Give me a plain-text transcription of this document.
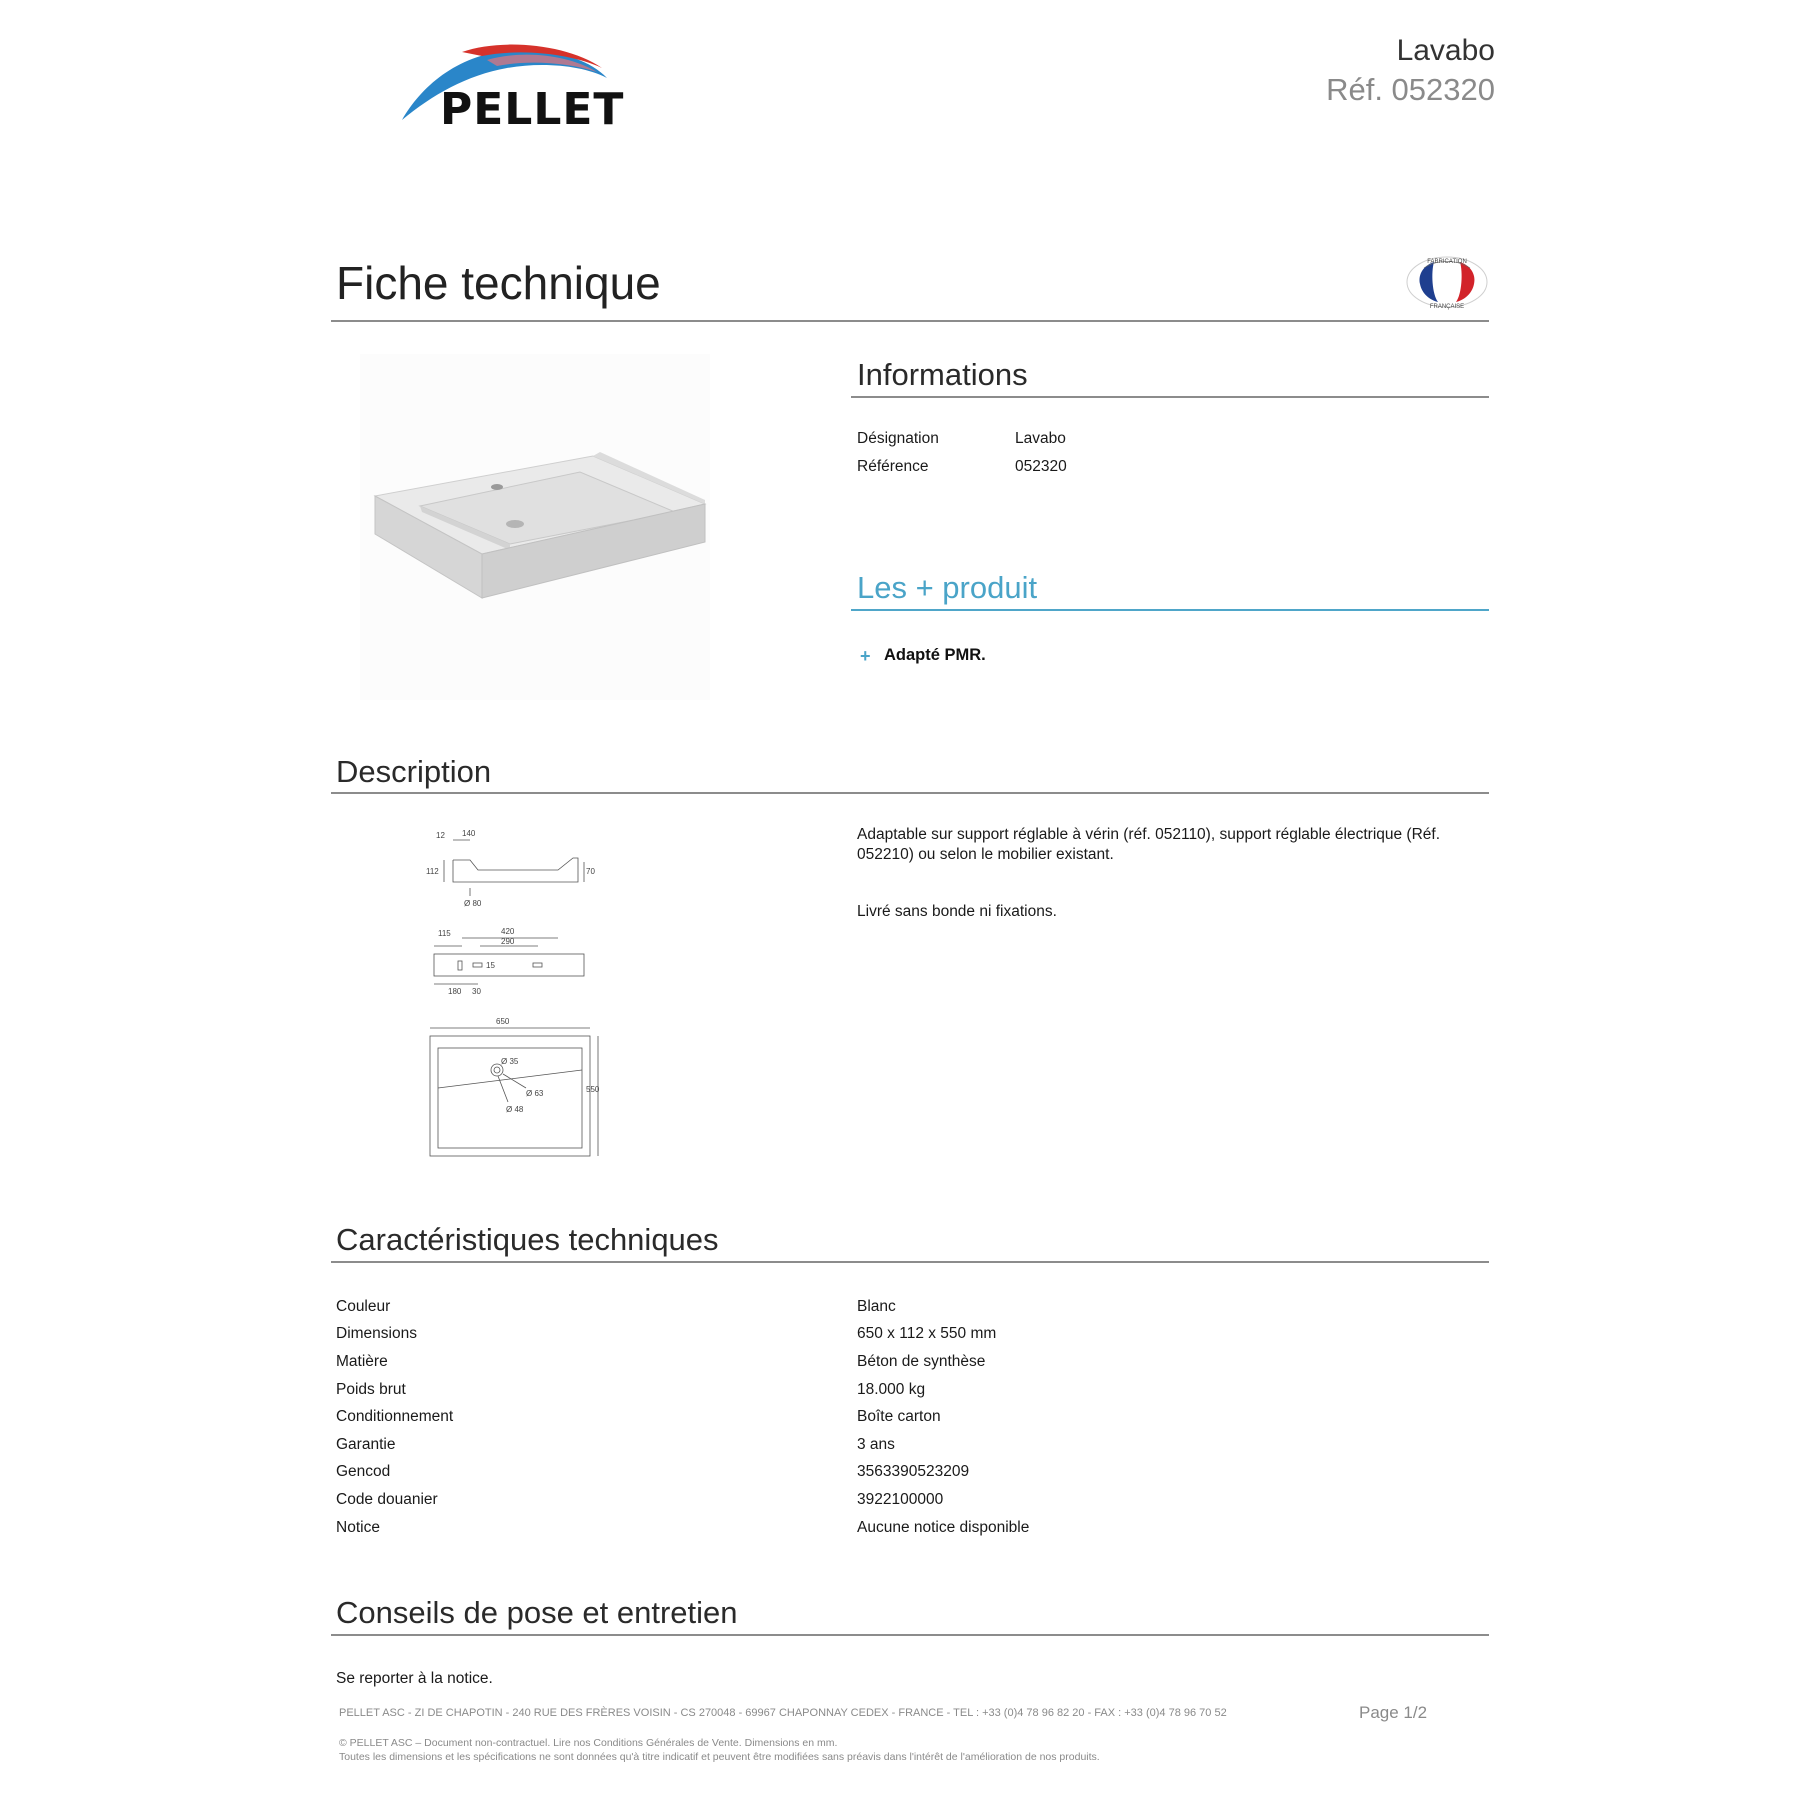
PELLET
Lavabo
Réf. 052320
Fiche technique	FABRICATION
FRANÇAISE
Informations
Désignation	Lavabo
Référence	052320
Les + produit
+ Adapté PMR.
Description
Adaptable sur support réglable à vérin (réf. 052110), support réglable électrique (Réf.
052210) ou selon le mobilier existant.
Livré sans bonde ni fixations.
12 140
112	70
Ø 80
115	420
290
15
180 30
650
550
Ø 35
Ø 63
Ø 48
Caractéristiques techniques
Couleur	Blanc
Dimensions	650 x 112 x 550 mm
Matière	Béton de synthèse
Poids brut	18.000 kg
Conditionnement	Boîte carton
Garantie	3 ans
Gencod	3563390523209
Code douanier	3922100000
Notice	Aucune notice disponible
Conseils de pose et entretien
Se reporter à la notice.
PELLET ASC - ZI DE CHAPOTIN - 240 RUE DES FRÈRES VOISIN - CS 270048 - 69967 CHAPONNAY CEDEX - FRANCE - TEL : +33 (0)4 78 96 82 20 - FAX : +33 (0)4 78 96 70 52	Page 1/2
© PELLET ASC – Document non-contractuel. Lire nos Conditions Générales de Vente. Dimensions en mm.
Toutes les dimensions et les spécifications ne sont données qu'à titre indicatif et peuvent être modifiées sans préavis dans l'intérêt de l'amélioration de nos produits.
